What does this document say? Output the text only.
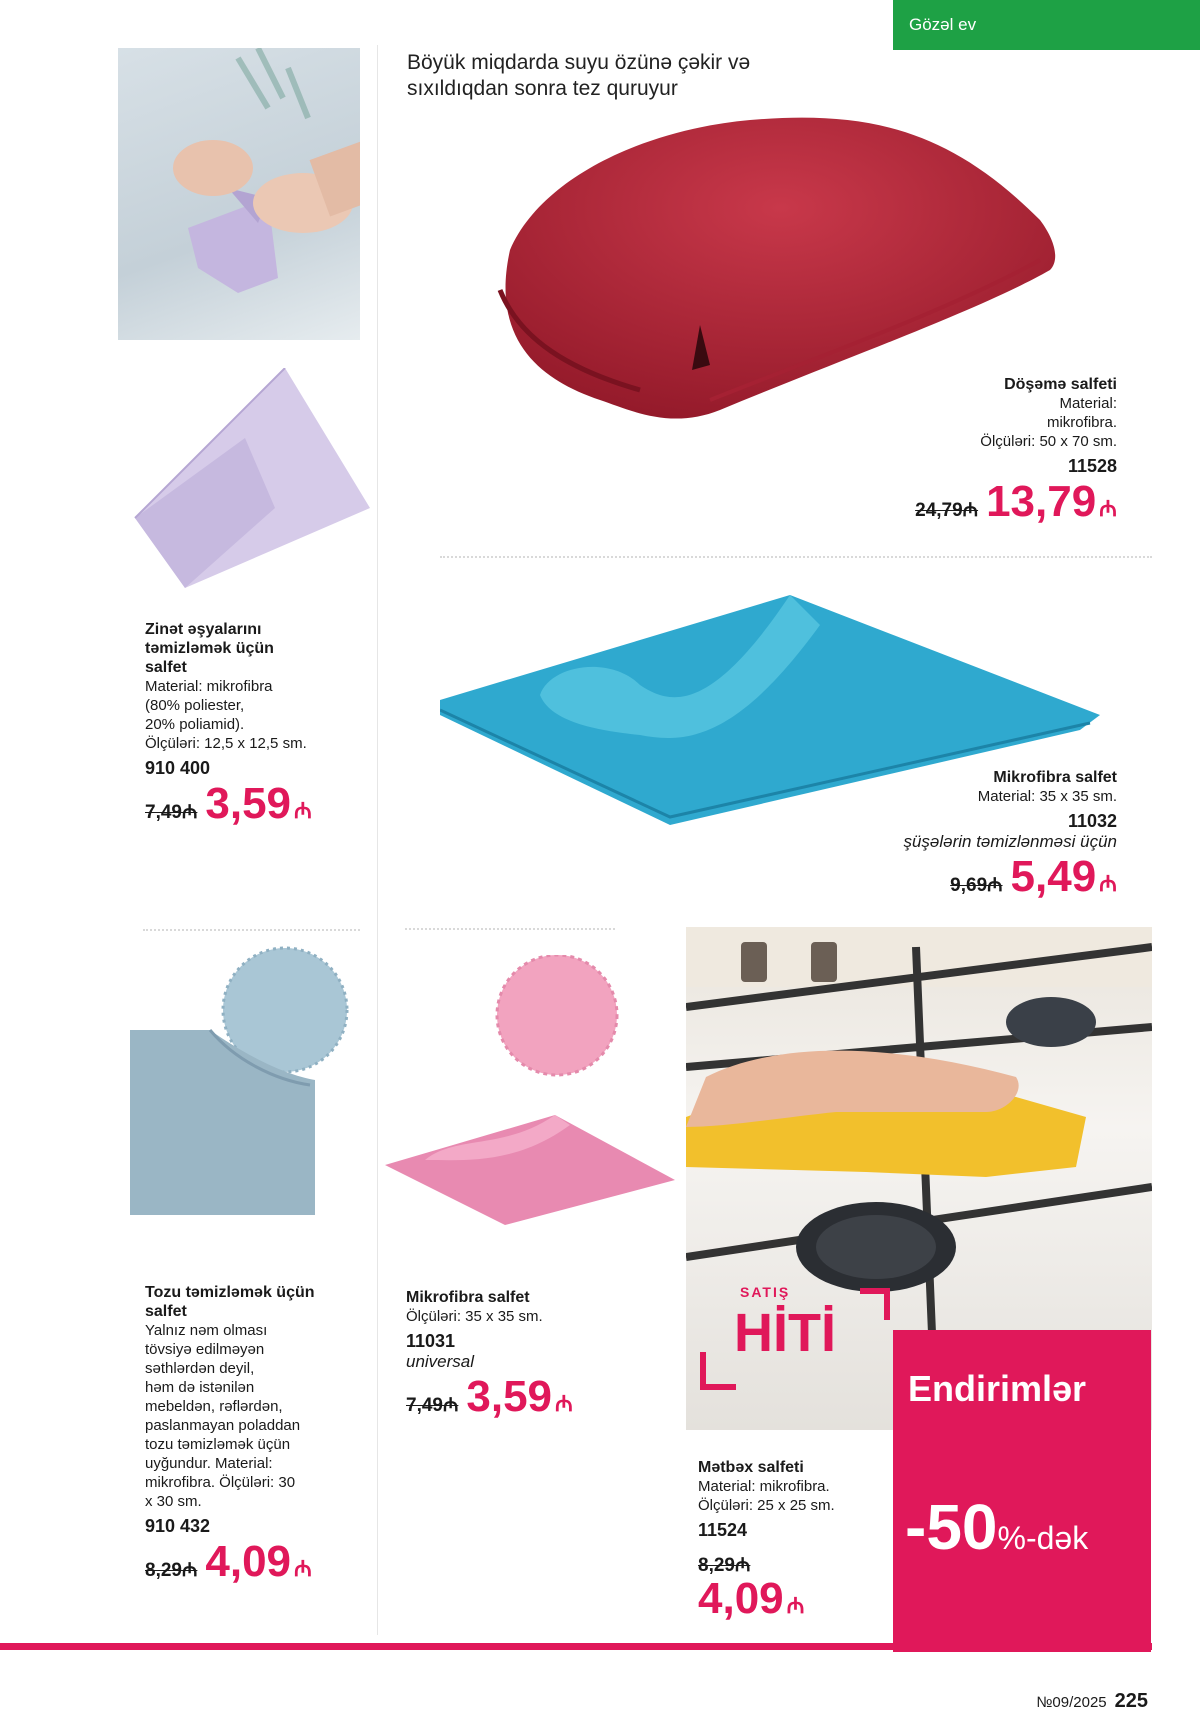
Gözəl ev
Böyük miqdarda suyu özünə çəkir və
sıxıldıqdan sonra tez quruyur
Döşəmə salfeti
Material:
mikrofibra.
Ölçüləri: 50 x 70 sm.
11528
24,79₼ 13,79 ₼
Zinət əşyalarını
təmizləmək üçün
salfet
Material: mikrofibra
(80% poliester,
20% poliamid).
Ölçüləri: 12,5 x 12,5 sm.
910 400
7,49₼ 3,59 ₼
Mikrofibra salfet
Material: 35 x 35 sm.
11032
şüşələrin təmizlənməsi üçün
9,69₼ 5,49 ₼
Tozu təmizləmək üçün
salfet
Yalnız nəm olması
tövsiyə edilməyən
səthlərdən deyil,
həm də istənilən
mebeldən, rəflərdən,
paslanmayan poladdan
tozu təmizləmək üçün
uyğundur. Material:
mikrofibra. Ölçüləri: 30
x 30 sm.
910 432
8,29₼ 4,09 ₼
Mikrofibra salfet
Ölçüləri: 35 x 35 sm.
11031
universal
7,49₼ 3,59 ₼
SATIŞ
HİTİ
Mətbəx salfeti
Material: mikrofibra.
Ölçüləri: 25 x 25 sm.
11524
8,29₼
4,09 ₼
Endirimlər
-50 %-dək
№09/2025 225
